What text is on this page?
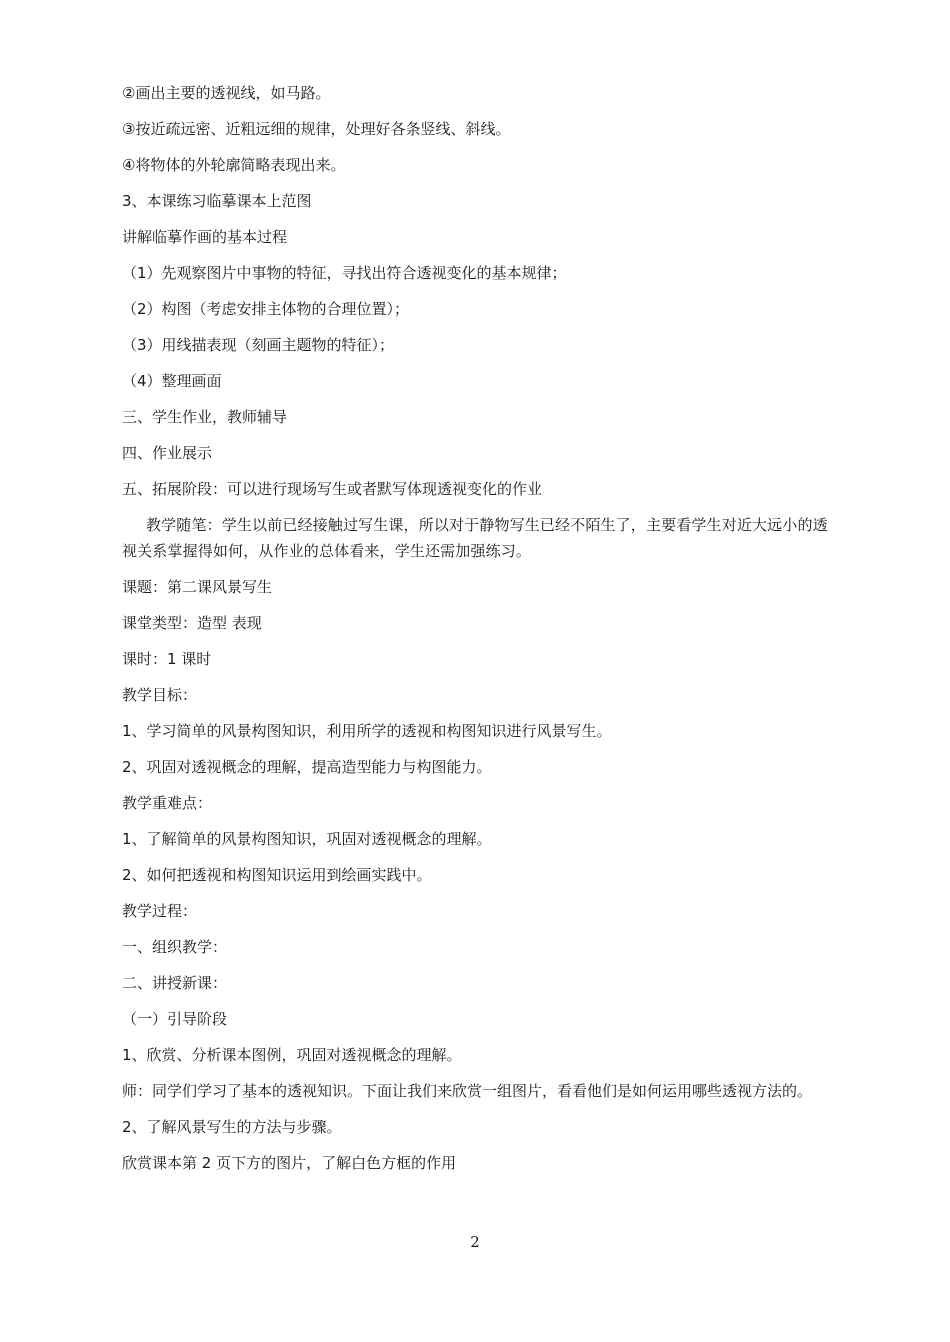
②画出主要的透视线，如马路。

③按近疏远密、近粗远细的规律，处理好各条竖线、斜线。

④将物体的外轮廓简略表现出来。

3、本课练习临摹课本上范图

讲解临摹作画的基本过程

（1）先观察图片中事物的特征，寻找出符合透视变化的基本规律；

（2）构图（考虑安排主体物的合理位置）；

（3）用线描表现（刻画主题物的特征）；

（4）整理画面

三、学生作业，教师辅导

四、作业展示

五、拓展阶段：可以进行现场写生或者默写体现透视变化的作业

教学随笔：学生以前已经接触过写生课，所以对于静物写生已经不陌生了，主要看学生对近大远小的透
视关系掌握得如何，从作业的总体看来，学生还需加强练习。

课题：第二课风景写生

课堂类型：造型 表现

课时：1 课时

教学目标：

1、学习简单的风景构图知识，利用所学的透视和构图知识进行风景写生。

2、巩固对透视概念的理解，提高造型能力与构图能力。

教学重难点：

1、了解简单的风景构图知识，巩固对透视概念的理解。

2、如何把透视和构图知识运用到绘画实践中。

教学过程：

一、组织教学：

二、讲授新课：

（一）引导阶段

1、欣赏、分析课本图例，巩固对透视概念的理解。

师：同学们学习了基本的透视知识。下面让我们来欣赏一组图片，看看他们是如何运用哪些透视方法的。

2、了解风景写生的方法与步骤。

欣赏课本第 2 页下方的图片，了解白色方框的作用

2
